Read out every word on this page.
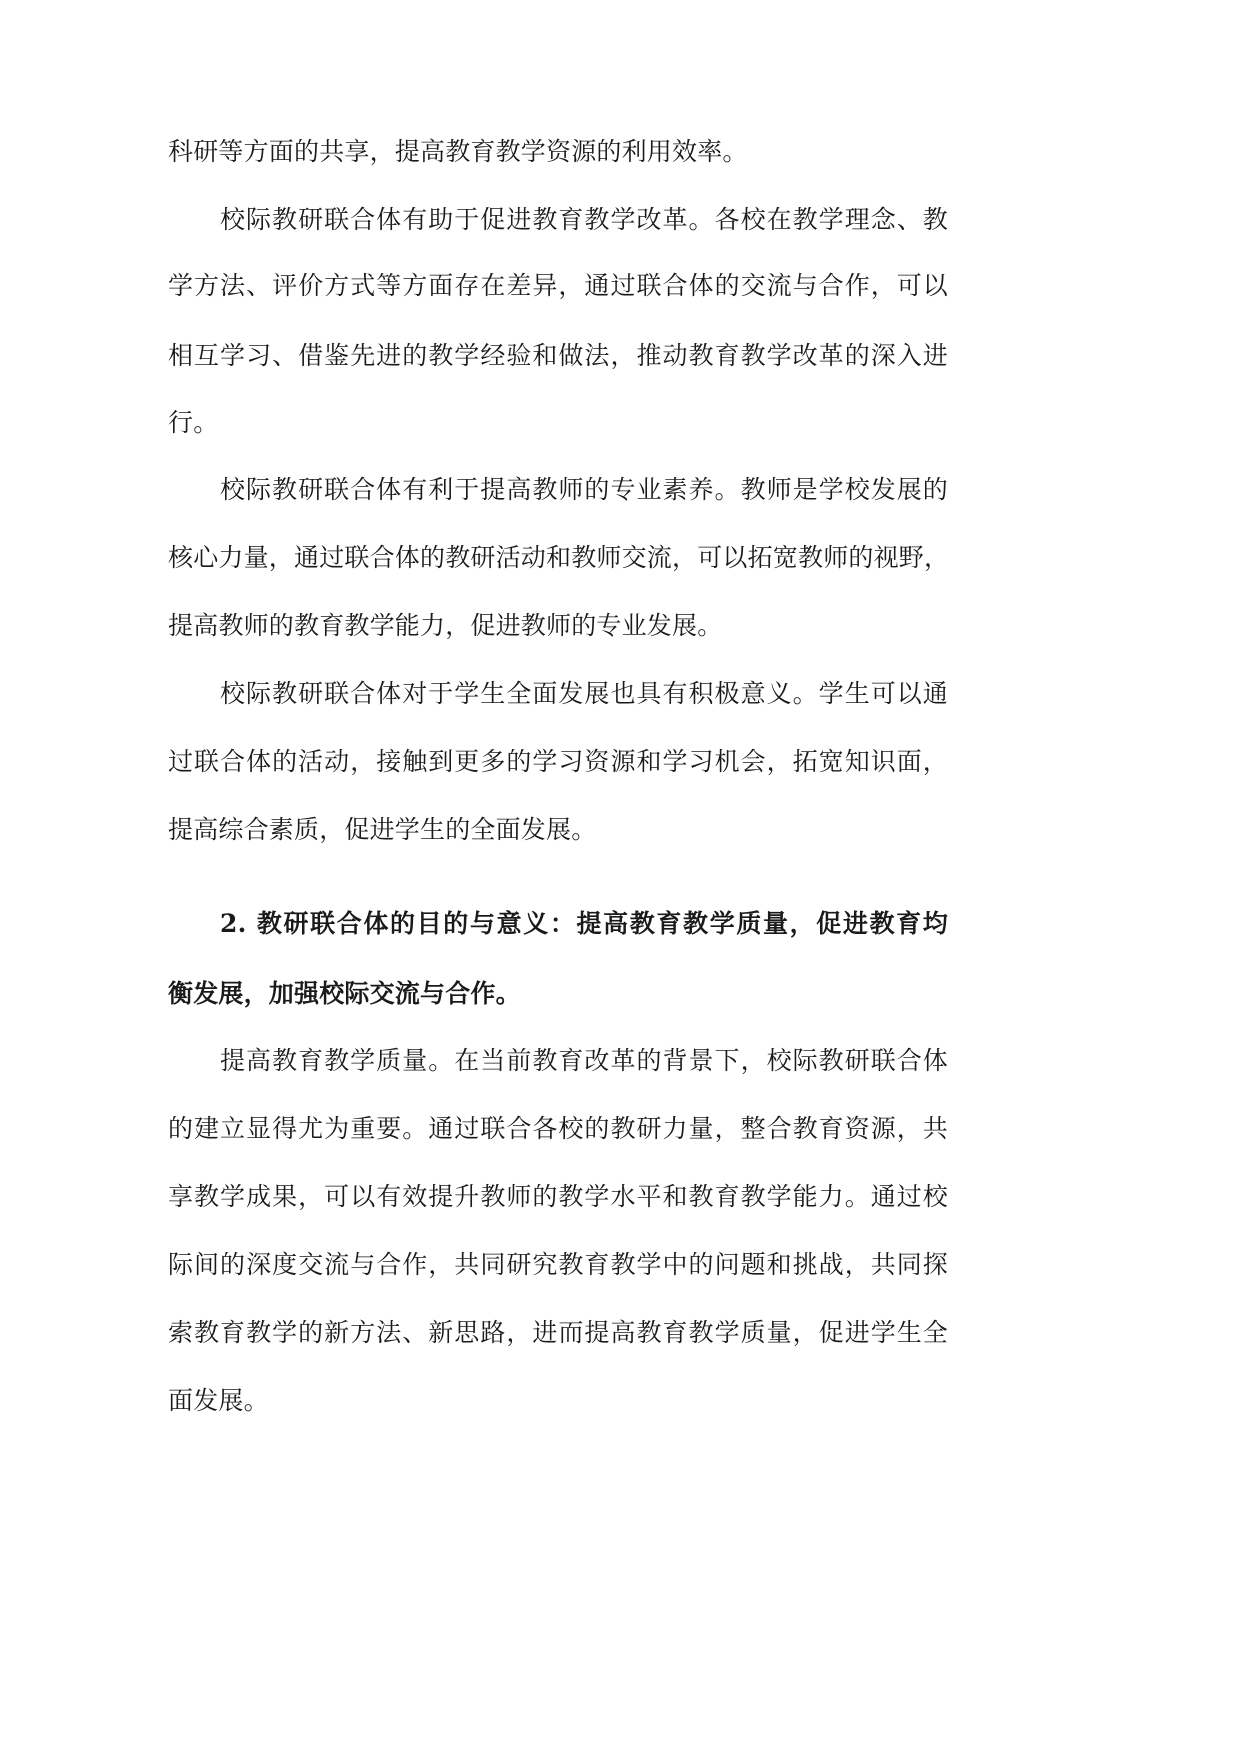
科研等方面的共享，提高教育教学资源的利用效率。
校际教研联合体有助于促进教育教学改革。各校在教学理念、教
学方法、评价方式等方面存在差异，通过联合体的交流与合作，可以
相互学习、借鉴先进的教学经验和做法，推动教育教学改革的深入进
行。
校际教研联合体有利于提高教师的专业素养。教师是学校发展的
核心力量，通过联合体的教研活动和教师交流，可以拓宽教师的视野，
提高教师的教育教学能力，促进教师的专业发展。
校际教研联合体对于学生全面发展也具有积极意义。学生可以通
过联合体的活动，接触到更多的学习资源和学习机会，拓宽知识面，
提高综合素质，促进学生的全面发展。
2. 教研联合体的目的与意义：提高教育教学质量，促进教育均
衡发展，加强校际交流与合作。
提高教育教学质量。在当前教育改革的背景下，校际教研联合体
的建立显得尤为重要。通过联合各校的教研力量，整合教育资源，共
享教学成果，可以有效提升教师的教学水平和教育教学能力。通过校
际间的深度交流与合作，共同研究教育教学中的问题和挑战，共同探
索教育教学的新方法、新思路，进而提高教育教学质量，促进学生全
面发展。
